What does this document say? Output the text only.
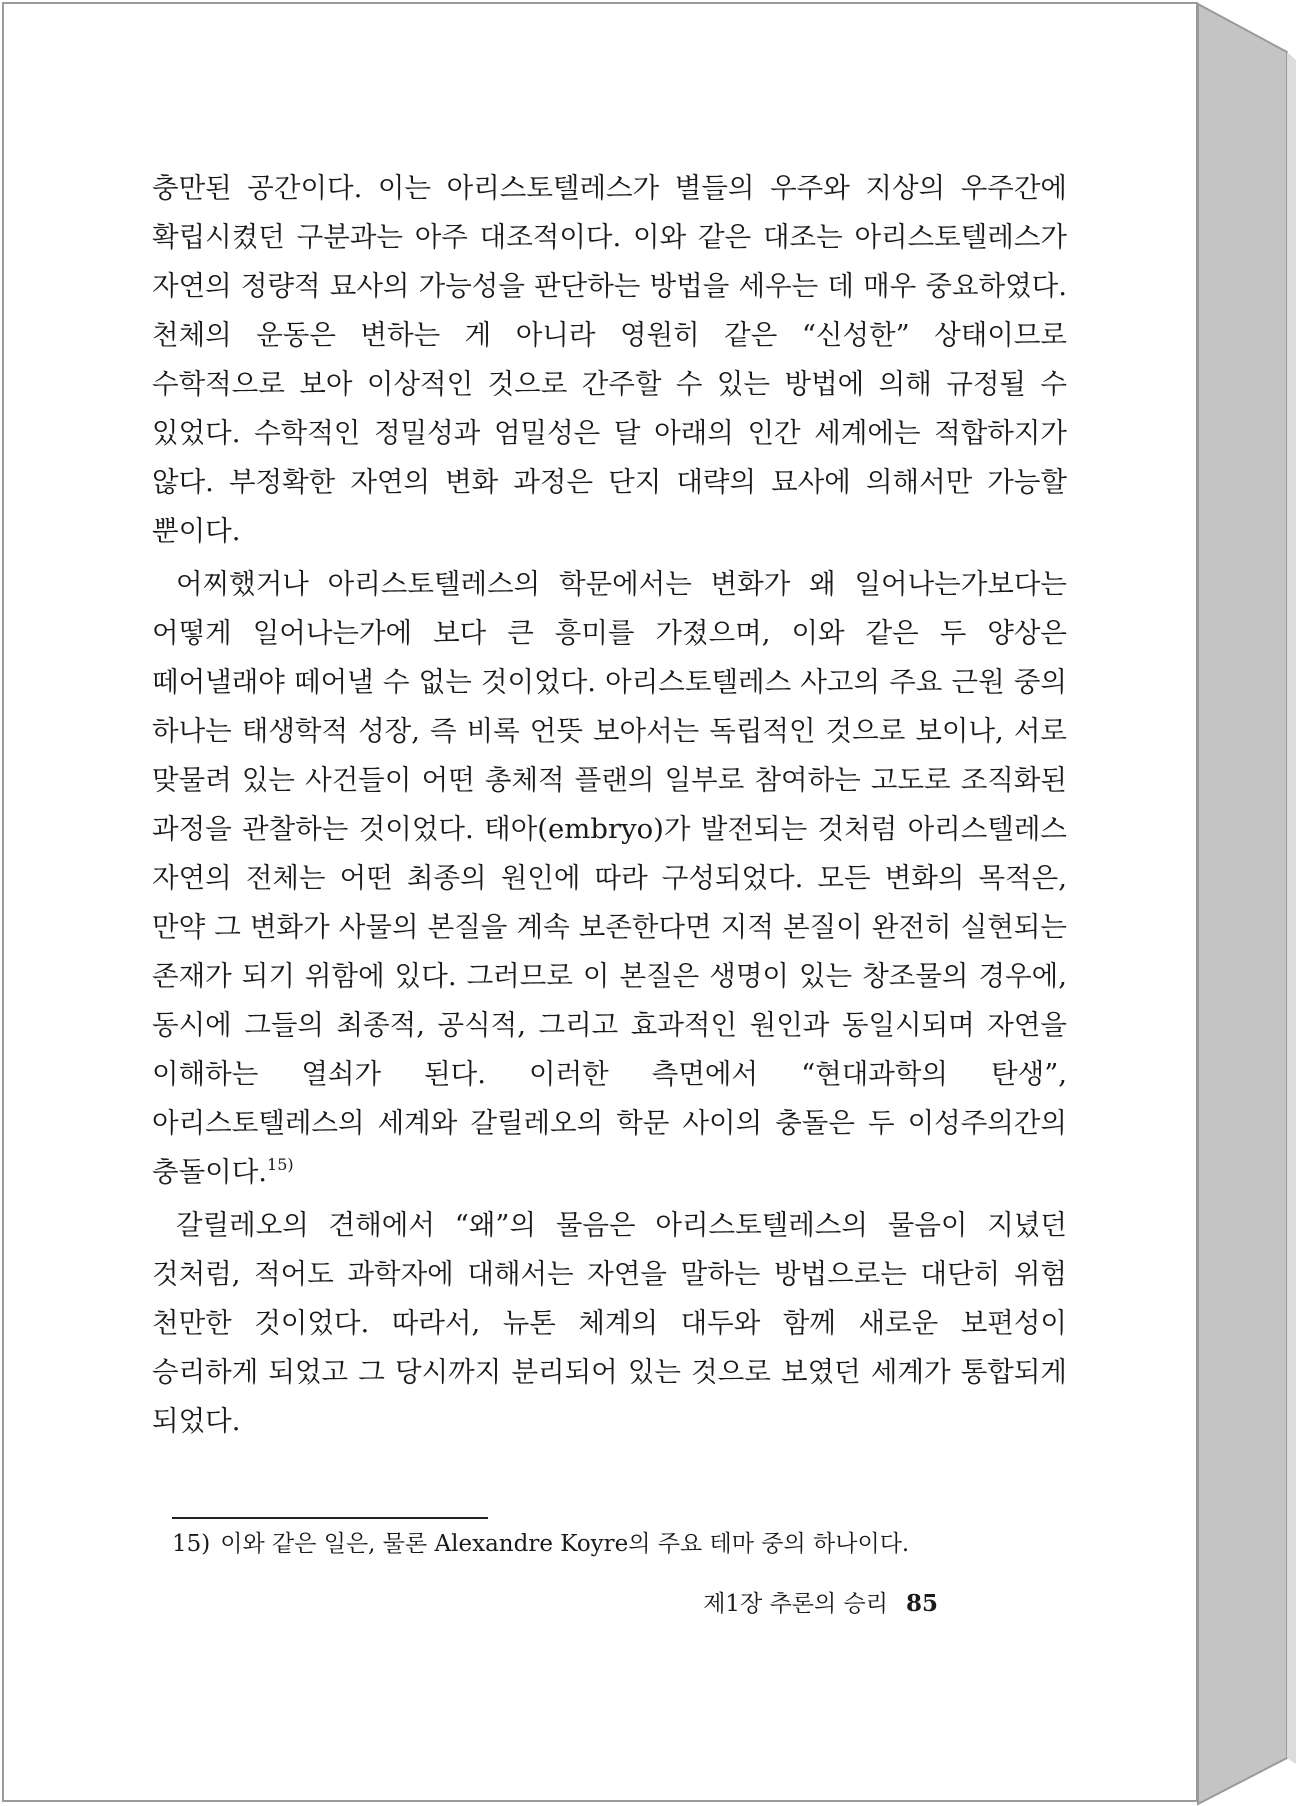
충만된 공간이다. 이는 아리스토텔레스가 별들의 우주와 지상의 우주간에 확립시켰던 구분과는 아주 대조적이다. 이와 같은 대조는 아리스토텔레스가 자연의 정량적 묘사의 가능성을 판단하는 방법을 세우는 데 매우 중요하였다. 천체의 운동은 변하는 게 아니라 영원히 같은 “신성한” 상태이므로 수학적으로 보아 이상적인 것으로 간주할 수 있는 방법에 의해 규정될 수 있었다. 수학적인 정밀성과 엄밀성은 달 아래의 인간 세계에는 적합하지가 않다. 부정확한 자연의 변화 과정은 단지 대략의 묘사에 의해서만 가능할 뿐이다.

어찌했거나 아리스토텔레스의 학문에서는 변화가 왜 일어나는가보다는 어떻게 일어나는가에 보다 큰 흥미를 가졌으며, 이와 같은 두 양상은 떼어낼래야 떼어낼 수 없는 것이었다. 아리스토텔레스 사고의 주요 근원 중의 하나는 태생학적 성장, 즉 비록 언뜻 보아서는 독립적인 것으로 보이나, 서로 맞물려 있는 사건들이 어떤 총체적 플랜의 일부로 참여하는 고도로 조직화된 과정을 관찰하는 것이었다. 태아(embryo)가 발전되는 것처럼 아리스텔레스 자연의 전체는 어떤 최종의 원인에 따라 구성되었다. 모든 변화의 목적은, 만약 그 변화가 사물의 본질을 계속 보존한다면 지적 본질이 완전히 실현되는 존재가 되기 위함에 있다. 그러므로 이 본질은 생명이 있는 창조물의 경우에, 동시에 그들의 최종적, 공식적, 그리고 효과적인 원인과 동일시되며 자연을 이해하는 열쇠가 된다. 이러한 측면에서 “현대과학의 탄생”, 아리스토텔레스의 세계와 갈릴레오의 학문 사이의 충돌은 두 이성주의간의 충돌이다.$^{15)}$

갈릴레오의 견해에서 “왜”의 물음은 아리스토텔레스의 물음이 지녔던 것처럼, 적어도 과학자에 대해서는 자연을 말하는 방법으로는 대단히 위험 천만한 것이었다. 따라서, 뉴톤 체계의 대두와 함께 새로운 보편성이 승리하게 되었고 그 당시까지 분리되어 있는 것으로 보였던 세계가 통합되게 되었다.

15) 이와 같은 일은, 물론 Alexandre Koyre의 주요 테마 중의 하나이다.
제1장 추론의 승리 85
